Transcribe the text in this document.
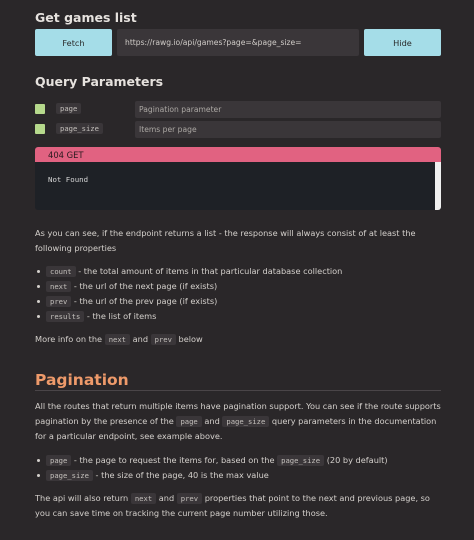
Get games list
Fetch	https://rawg.io/api/games?page=&page_size=	Hide
Query Parameters
page	Pagination parameter
page_size	Items per page
404 GET
Not Found

As you can see, if the endpoint returns a list - the response will always consist of at least the following properties

count - the total amount of items in that particular database collection
next - the url of the next page (if exists)
prev - the url of the prev page (if exists)
results - the list of items

More info on the next and prev below

Pagination

All the routes that return multiple items have pagination support. You can see if the route supports pagination by the presence of the page and page_size query parameters in the documentation for a particular endpoint, see example above.

page - the page to request the items for, based on the page_size (20 by default)
page_size - the size of the page, 40 is the max value

The api will also return next and prev properties that point to the next and previous page, so you can save time on tracking the current page number utilizing those.
